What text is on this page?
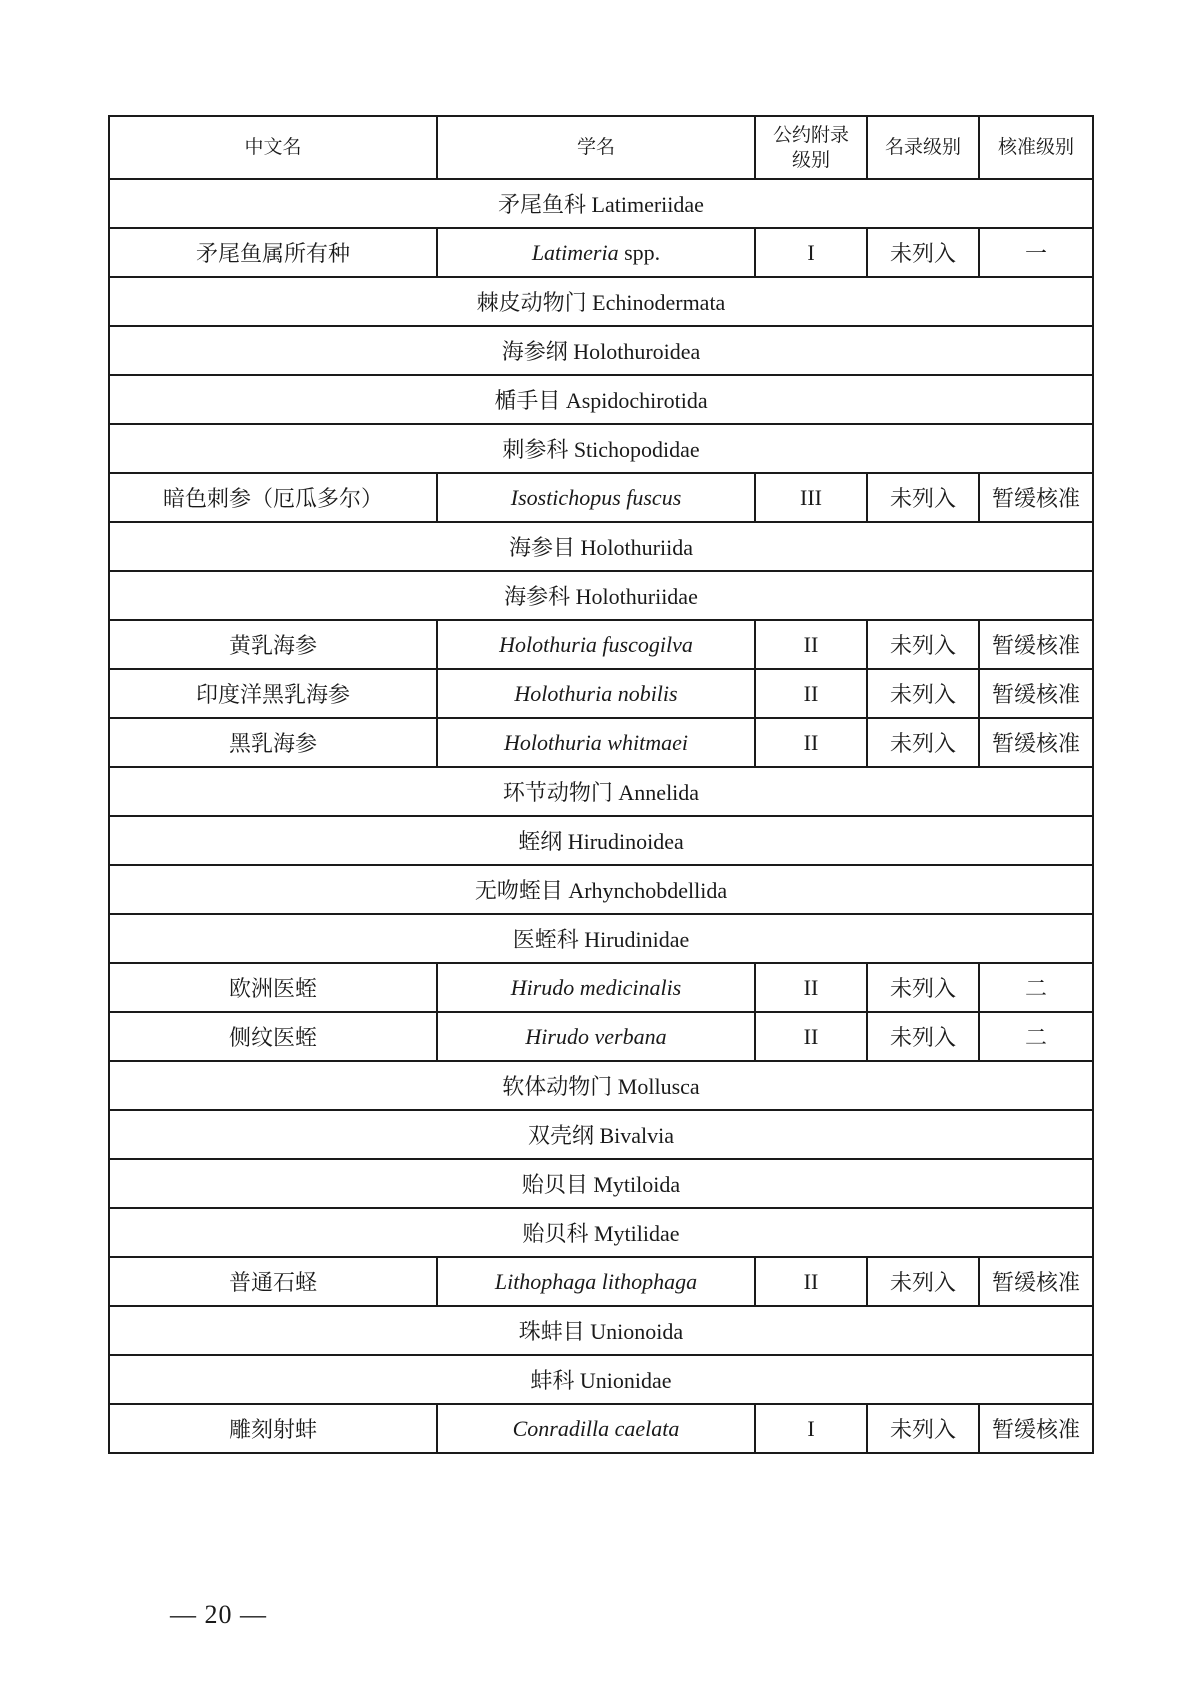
中文名	学名	公约附录级别	名录级别	核准级别
矛尾鱼科 Latimeriidae				
矛尾鱼属所有种	Latimeria spp.	I	未列入	一
棘皮动物门 Echinodermata				
海参纲 Holothuroidea				
楯手目 Aspidochirotida				
刺参科 Stichopodidae				
暗色刺参（厄瓜多尔）	Isostichopus fuscus	III	未列入	暂缓核准
海参目 Holothuriida				
海参科 Holothuriidae				
黄乳海参	Holothuria fuscogilva	II	未列入	暂缓核准
印度洋黑乳海参	Holothuria nobilis	II	未列入	暂缓核准
黑乳海参	Holothuria whitmaei	II	未列入	暂缓核准
环节动物门 Annelida				
蛭纲 Hirudinoidea				
无吻蛭目 Arhynchobdellida				
医蛭科 Hirudinidae				
欧洲医蛭	Hirudo medicinalis	II	未列入	二
侧纹医蛭	Hirudo verbana	II	未列入	二
软体动物门 Mollusca				
双壳纲 Bivalvia				
贻贝目 Mytiloida				
贻贝科 Mytilidae				
普通石蛏	Lithophaga lithophaga	II	未列入	暂缓核准
珠蚌目 Unionoida				
蚌科 Unionidae				
雕刻射蚌	Conradilla caelata	I	未列入	暂缓核准
— 20 —
